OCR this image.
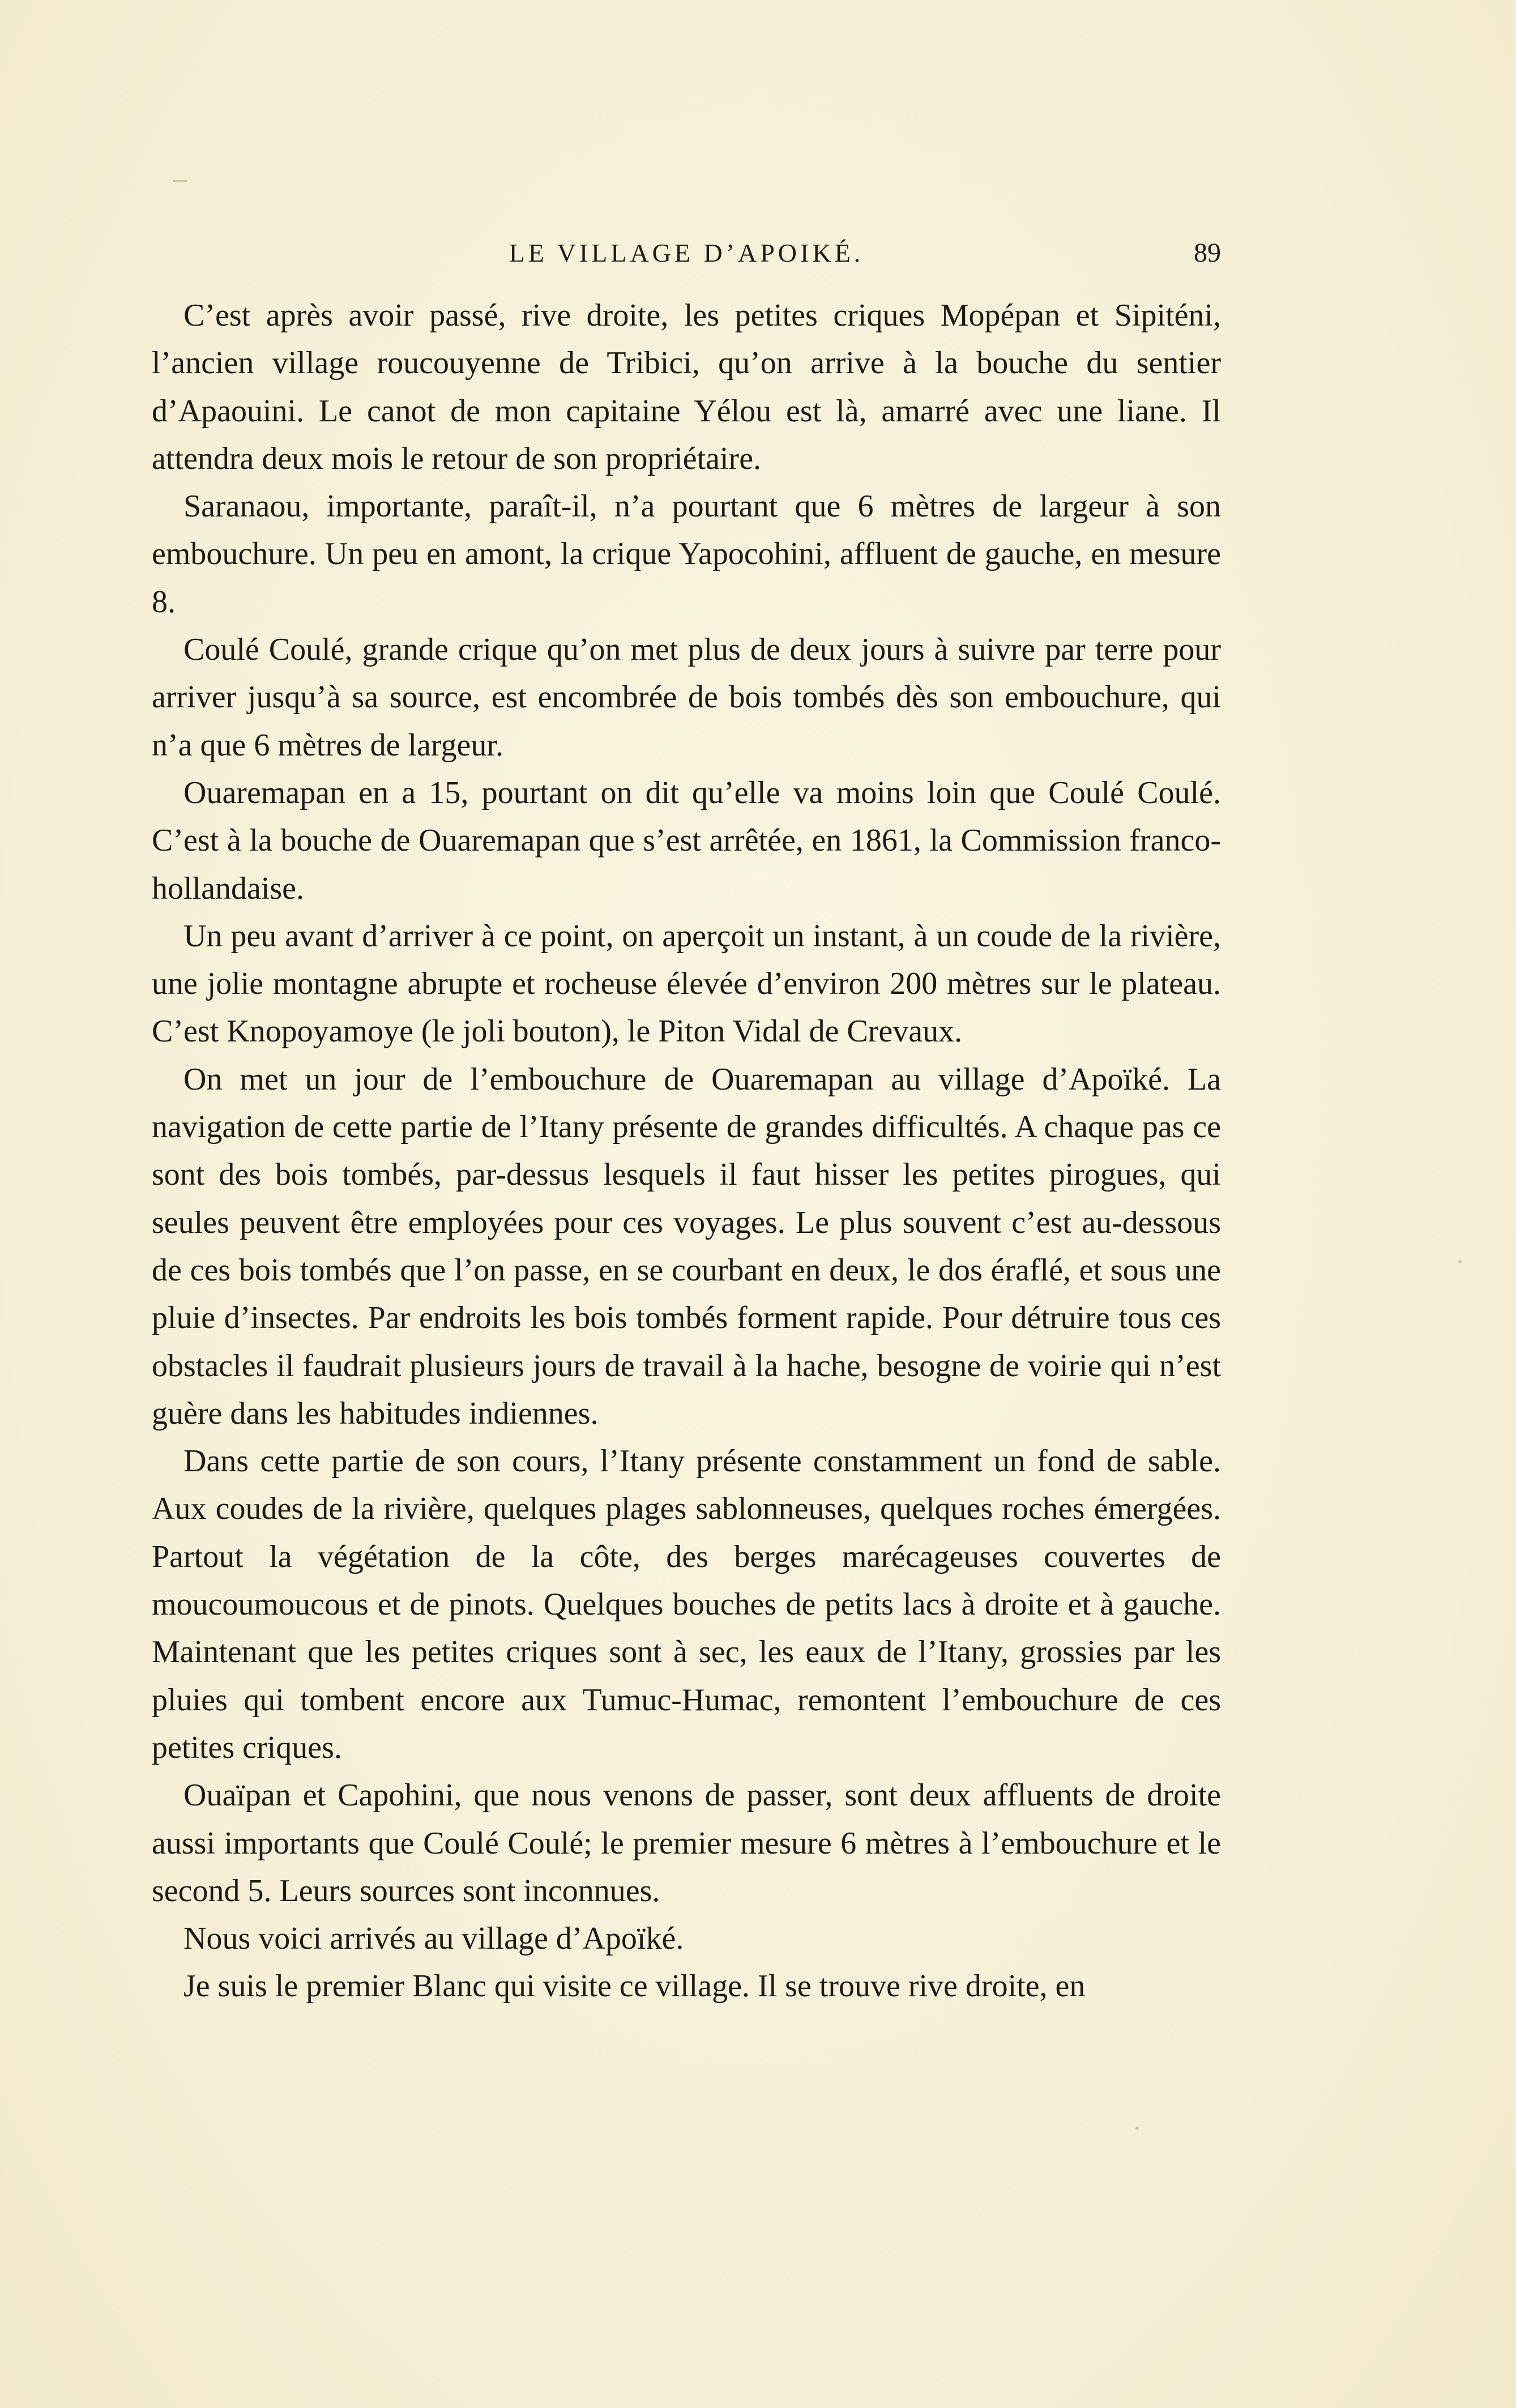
LE VILLAGE D’APOIKÉ.	89

C’est après avoir passé, rive droite, les petites criques Mopépan et Sipiténi, l’ancien village roucouyenne de Tribici, qu’on arrive à la bouche du sentier d’Apaouini. Le canot de mon capitaine Yélou est là, amarré avec une liane. Il attendra deux mois le retour de son propriétaire.

Saranaou, importante, paraît-il, n’a pourtant que 6 mètres de largeur à son embouchure. Un peu en amont, la crique Yapocohini, affluent de gauche, en mesure 8.

Coulé Coulé, grande crique qu’on met plus de deux jours à suivre par terre pour arriver jusqu’à sa source, est encombrée de bois tombés dès son embouchure, qui n’a que 6 mètres de largeur.

Ouaremapan en a 15, pourtant on dit qu’elle va moins loin que Coulé Coulé. C’est à la bouche de Ouaremapan que s’est arrêtée, en 1861, la Commission franco-hollandaise.

Un peu avant d’arriver à ce point, on aperçoit un instant, à un coude de la rivière, une jolie montagne abrupte et rocheuse élevée d’environ 200 mètres sur le plateau. C’est Knopoyamoye (le joli bouton), le Piton Vidal de Crevaux.

On met un jour de l’embouchure de Ouaremapan au village d’Apoïké. La navigation de cette partie de l’Itany présente de grandes difficultés. A chaque pas ce sont des bois tombés, par-dessus lesquels il faut hisser les petites pirogues, qui seules peuvent être employées pour ces voyages. Le plus souvent c’est au-dessous de ces bois tombés que l’on passe, en se courbant en deux, le dos éraflé, et sous une pluie d’insectes. Par endroits les bois tombés forment rapide. Pour détruire tous ces obstacles il faudrait plusieurs jours de travail à la hache, besogne de voirie qui n’est guère dans les habitudes indiennes.

Dans cette partie de son cours, l’Itany présente constamment un fond de sable. Aux coudes de la rivière, quelques plages sablonneuses, quelques roches émergées. Partout la végétation de la côte, des berges marécageuses couvertes de moucoumoucous et de pinots. Quelques bouches de petits lacs à droite et à gauche. Maintenant que les petites criques sont à sec, les eaux de l’Itany, grossies par les pluies qui tombent encore aux Tumuc-Humac, remontent l’embouchure de ces petites criques.

Ouaïpan et Capohini, que nous venons de passer, sont deux affluents de droite aussi importants que Coulé Coulé; le premier mesure 6 mètres à l’embouchure et le second 5. Leurs sources sont inconnues.

Nous voici arrivés au village d’Apoïké.

Je suis le premier Blanc qui visite ce village. Il se trouve rive droite, en
